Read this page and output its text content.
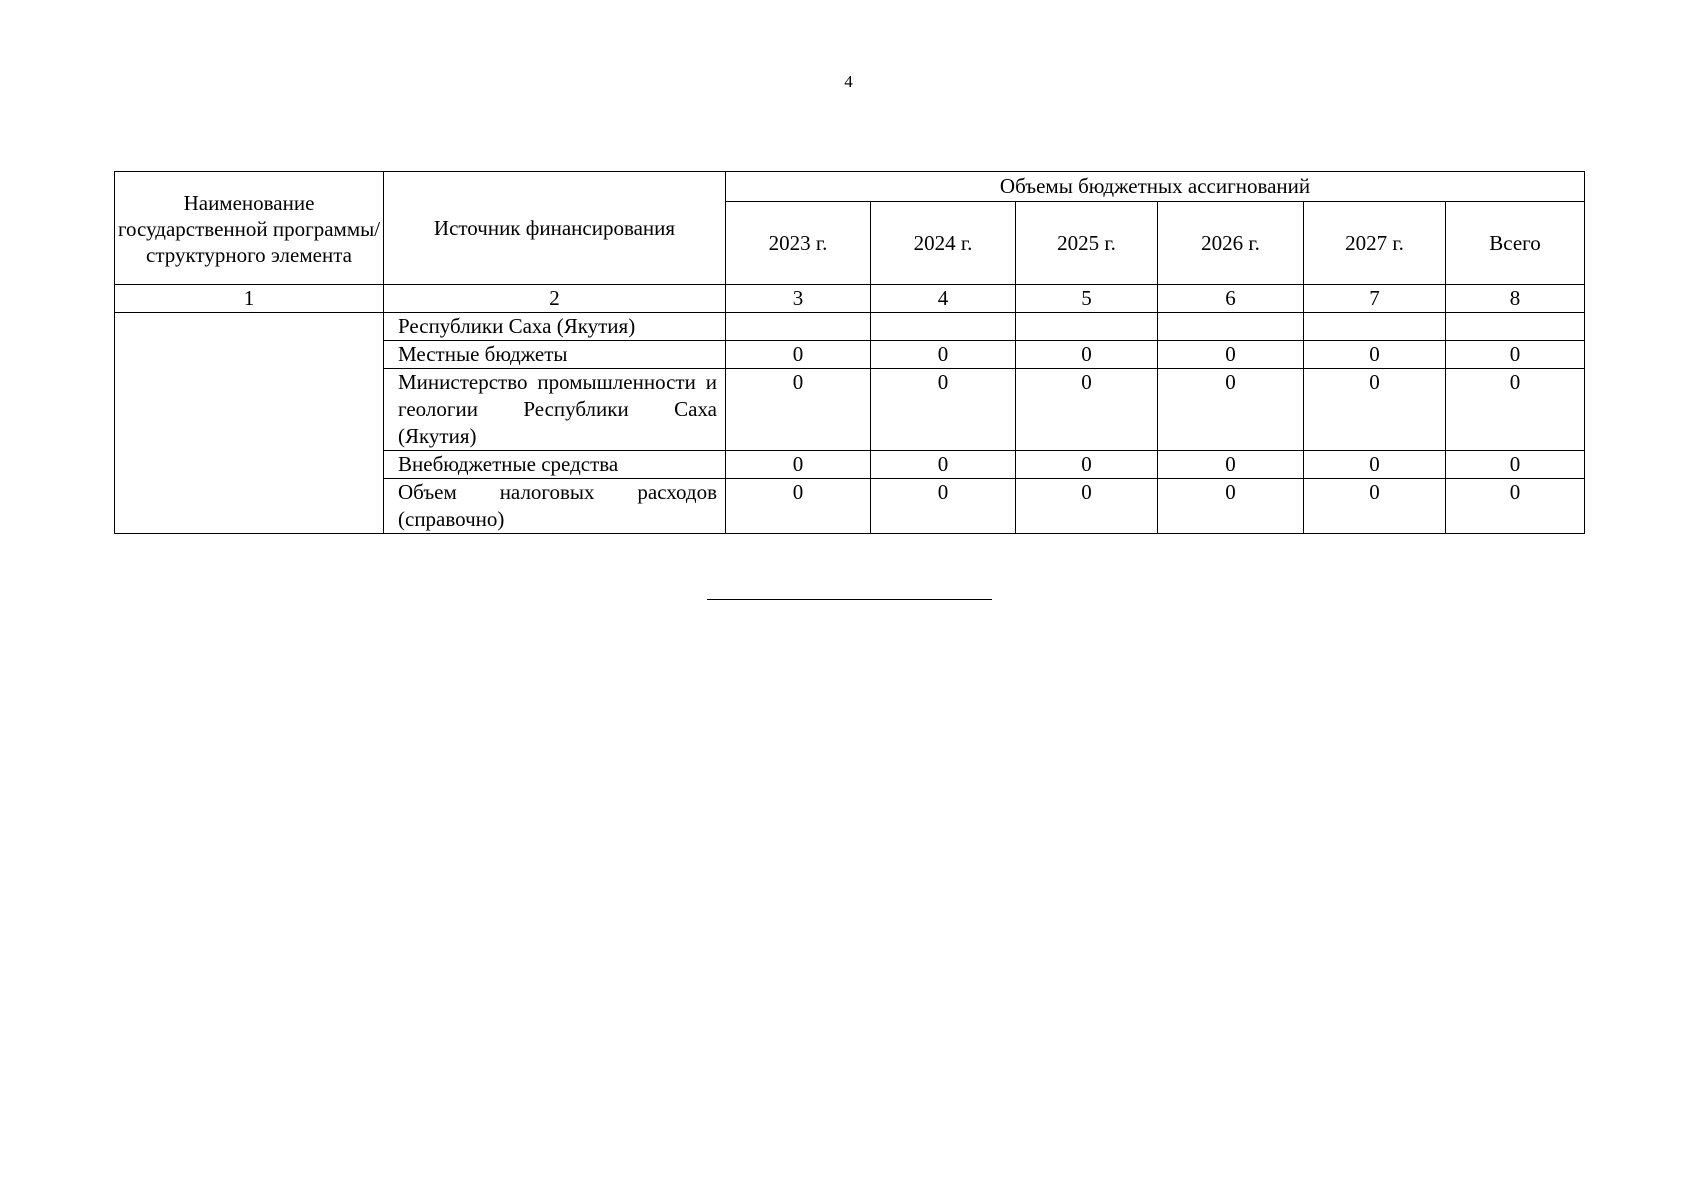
4
Наименование государственной программы/ структурного элемента	Источник финансирования	Объемы бюджетных ассигнований					
		2023 г.	2024 г.	2025 г.	2026 г.	2027 г.	Всего
1	2	3	4	5	6	7	8
	Республики Саха (Якутия)						
	Местные бюджеты	0	0	0	0	0	0
	Министерство промышленности и геологии Республики Саха (Якутия)	0	0	0	0	0	0
	Внебюджетные средства	0	0	0	0	0	0
	Объем налоговых расходов (справочно)	0	0	0	0	0	0
